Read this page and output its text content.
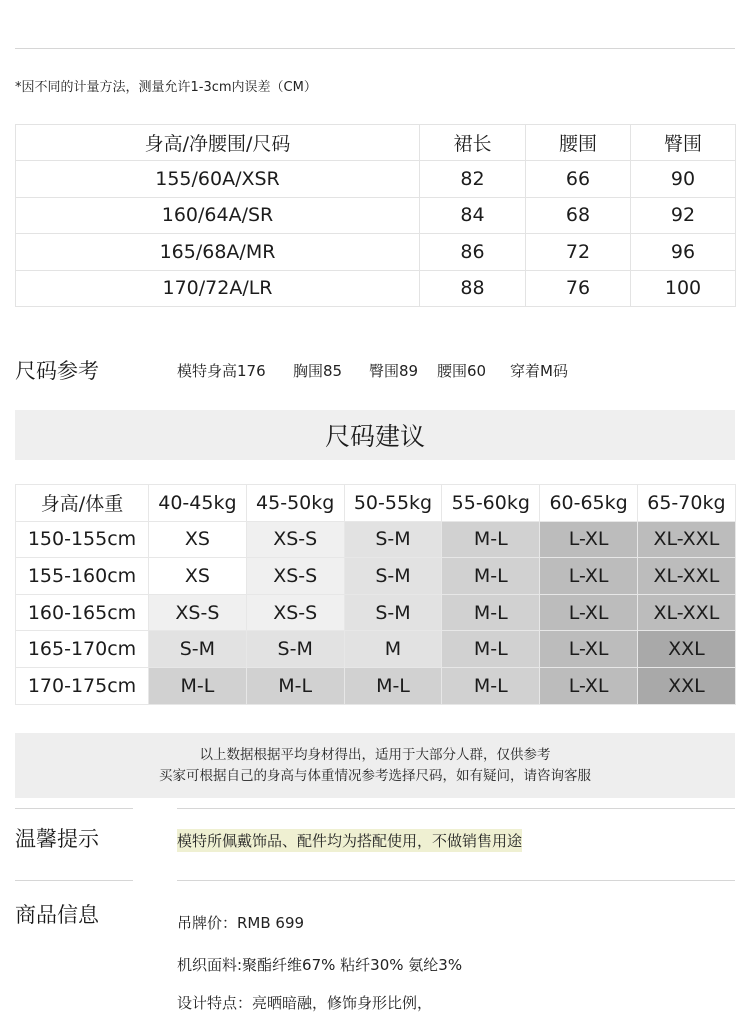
*因不同的计量方法，测量允许1-3cm内误差（CM）
身高/净腰围/尺码	裙长	腰围	臀围
155/60A/XSR	82	66	90
160/64A/SR	84	68	92
165/68A/MR	86	72	96
170/72A/LR	88	76	100
尺码参考	模特身高176 胸围85 臀围89 腰围60 穿着M码
尺码建议
身高/体重	40-45kg	45-50kg	50-55kg	55-60kg	60-65kg	65-70kg
150-155cm	XS	XS-S	S-M	M-L	L-XL	XL-XXL
155-160cm	XS	XS-S	S-M	M-L	L-XL	XL-XXL
160-165cm	XS-S	XS-S	S-M	M-L	L-XL	XL-XXL
165-170cm	S-M	S-M	M	M-L	L-XL	XXL
170-175cm	M-L	M-L	M-L	M-L	L-XL	XXL
以上数据根据平均身材得出，适用于大部分人群，仅供参考
买家可根据自己的身高与体重情况参考选择尺码，如有疑问，请咨询客服
温馨提示	模特所佩戴饰品、配件均为搭配使用，不做销售用途
商品信息	吊牌价：RMB 699
机织面料:聚酯纤维67% 粘纤30% 氨纶3%
设计特点：亮晒暗融，修饰身形比例，
